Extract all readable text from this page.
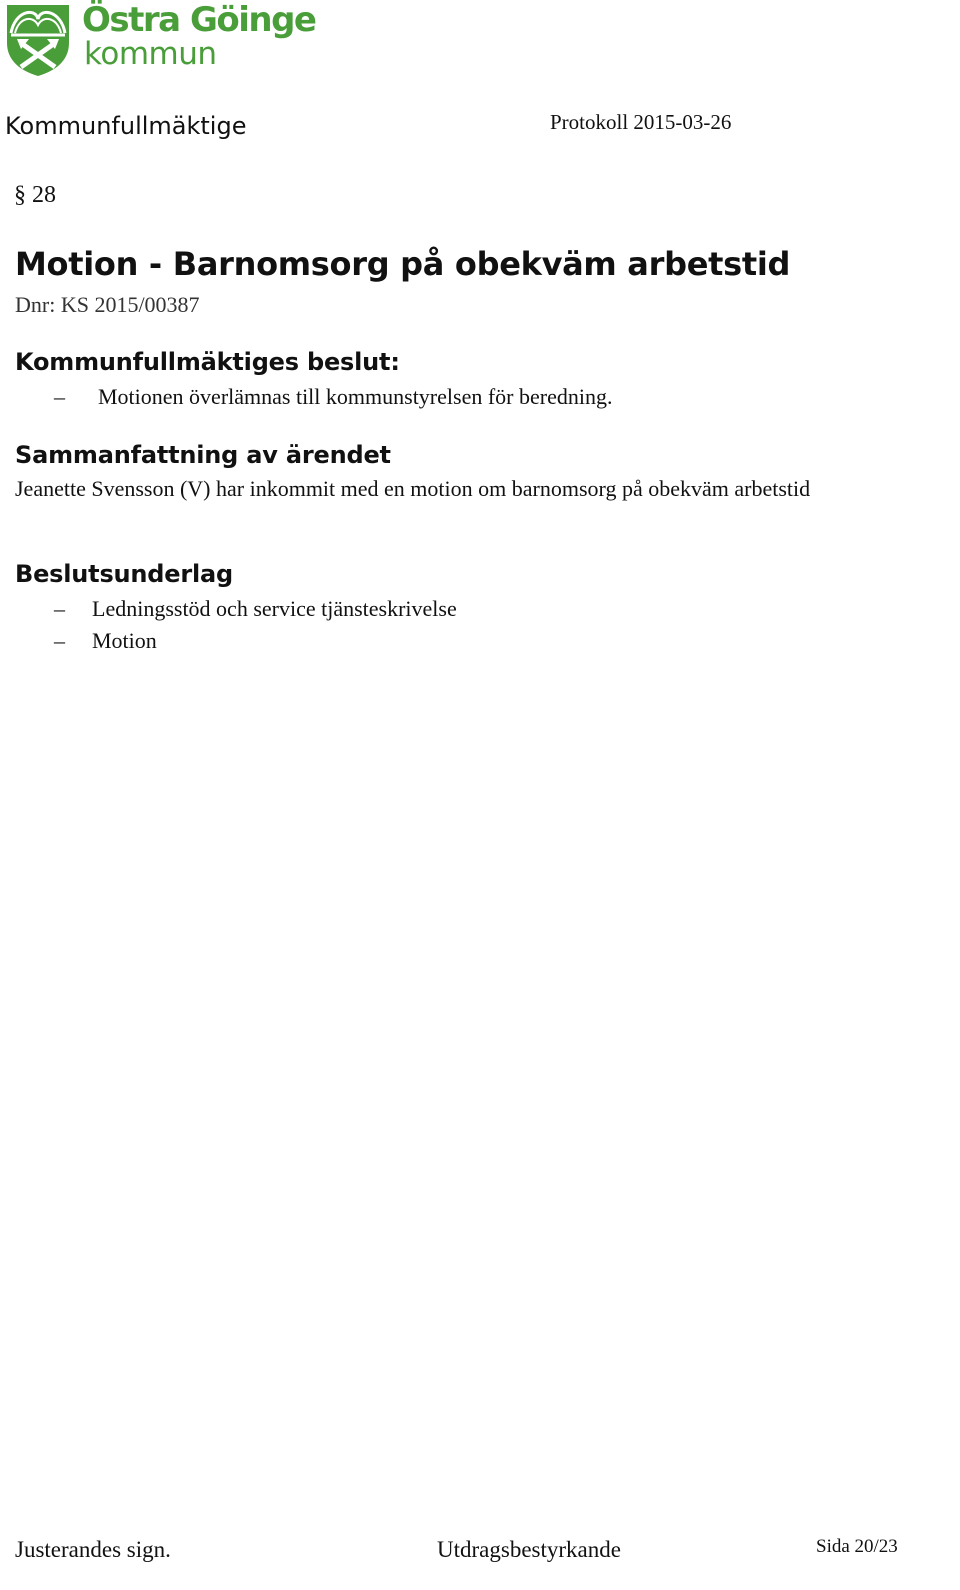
Östra Göinge
kommun
Kommunfullmäktige	Protokoll 2015-03-26
§ 28
Motion - Barnomsorg på obekväm arbetstid
Dnr: KS 2015/00387
Kommunfullmäktiges beslut:
– Motionen överlämnas till kommunstyrelsen för beredning.
Sammanfattning av ärendet
Jeanette Svensson (V) har inkommit med en motion om barnomsorg på obekväm arbetstid
Beslutsunderlag
– Ledningsstöd och service tjänsteskrivelse
– Motion
Justerandes sign.	Utdragsbestyrkande	Sida 20/23
